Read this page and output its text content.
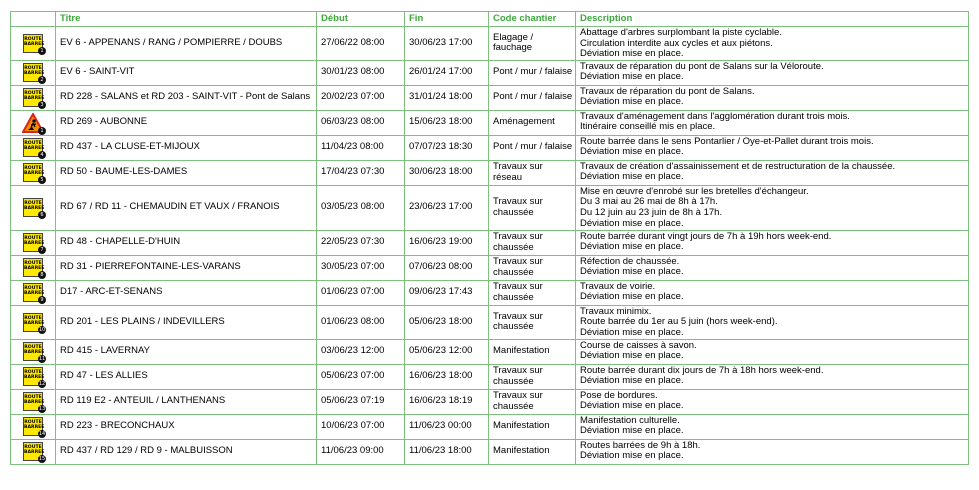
	Titre	Début	Fin	Code chantier	Description

ROUTE
BARREE
1	EV 6 - APPENANS / RANG / POMPIERRE / DOUBS	27/06/22 08:00	30/06/23 17:00	Elagage /
fauchage	Abattage d'arbres surplombant la piste cyclable.
Circulation interdite aux cycles et aux piétons.
Déviation mise en place.

ROUTE
BARREE
2	EV 6 - SAINT-VIT	30/01/23 08:00	26/01/24 17:00	Pont / mur / falaise	Travaux de réparation du pont de Salans sur la Véloroute.
Déviation mise en place.

ROUTE
BARREE
3	RD 228 - SALANS et RD 203 - SAINT-VIT - Pont de Salans	20/02/23 07:00	31/01/24 18:00	Pont / mur / falaise	Travaux de réparation du pont de Salans.
Déviation mise en place.

1	RD 269 - AUBONNE	06/03/23 08:00	15/06/23 18:00	Aménagement	Travaux d'aménagement dans l'agglomération durant trois mois.
Itinéraire conseillé mis en place.

ROUTE
BARREE
4	RD 437 - LA CLUSE-ET-MIJOUX	11/04/23 08:00	07/07/23 18:30	Pont / mur / falaise	Route barrée dans le sens Pontarlier / Oye-et-Pallet durant trois mois.
Déviation mise en place.

ROUTE
BARREE
5	RD 50 - BAUME-LES-DAMES	17/04/23 07:30	30/06/23 18:00	Travaux sur
réseau	Travaux de création d'assainissement et de restructuration de la chaussée.
Déviation mise en place.

ROUTE
BARREE
6	RD 67 / RD 11 - CHEMAUDIN ET VAUX / FRANOIS	03/05/23 08:00	23/06/23 17:00	Travaux sur
chaussée	Mise en œuvre d'enrobé sur les bretelles d'échangeur.
Du 3 mai au 26 mai de 8h à 17h.
Du 12 juin au 23 juin de 8h à 17h.
Déviation mise en place.

ROUTE
BARREE
7	RD 48 - CHAPELLE-D'HUIN	22/05/23 07:30	16/06/23 19:00	Travaux sur
chaussée	Route barrée durant vingt jours de 7h à 19h hors week-end.
Déviation mise en place.

ROUTE
BARREE
8	RD 31 - PIERREFONTAINE-LES-VARANS	30/05/23 07:00	07/06/23 08:00	Travaux sur
chaussée	Réfection de chaussée.
Déviation mise en place.

ROUTE
BARREE
9	D17 - ARC-ET-SENANS	01/06/23 07:00	09/06/23 17:43	Travaux sur
chaussée	Travaux de voirie.
Déviation mise en place.

ROUTE
BARREE
10	RD 201 - LES PLAINS / INDEVILLERS	01/06/23 08:00	05/06/23 18:00	Travaux sur
chaussée	Travaux minimix.
Route barrée du 1er au 5 juin (hors week-end).
Déviation mise en place.

ROUTE
BARREE
11	RD 415 - LAVERNAY	03/06/23 12:00	05/06/23 12:00	Manifestation	Course de caisses à savon.
Déviation mise en place.

ROUTE
BARREE
12	RD 47 - LES ALLIES	05/06/23 07:00	16/06/23 18:00	Travaux sur
chaussée	Route barrée durant dix jours de 7h à 18h hors week-end.
Déviation mise en place.

ROUTE
BARREE
13	RD 119 E2 - ANTEUIL / LANTHENANS	05/06/23 07:19	16/06/23 18:19	Travaux sur
chaussée	Pose de bordures.
Déviation mise en place.

ROUTE
BARREE
14	RD 223 - BRECONCHAUX	10/06/23 07:00	11/06/23 00:00	Manifestation	Manifestation culturelle.
Déviation mise en place.

ROUTE
BARREE
15	RD 437 / RD 129 / RD 9 - MALBUISSON	11/06/23 09:00	11/06/23 18:00	Manifestation	Routes barrées de 9h à 18h.
Déviation mise en place.
